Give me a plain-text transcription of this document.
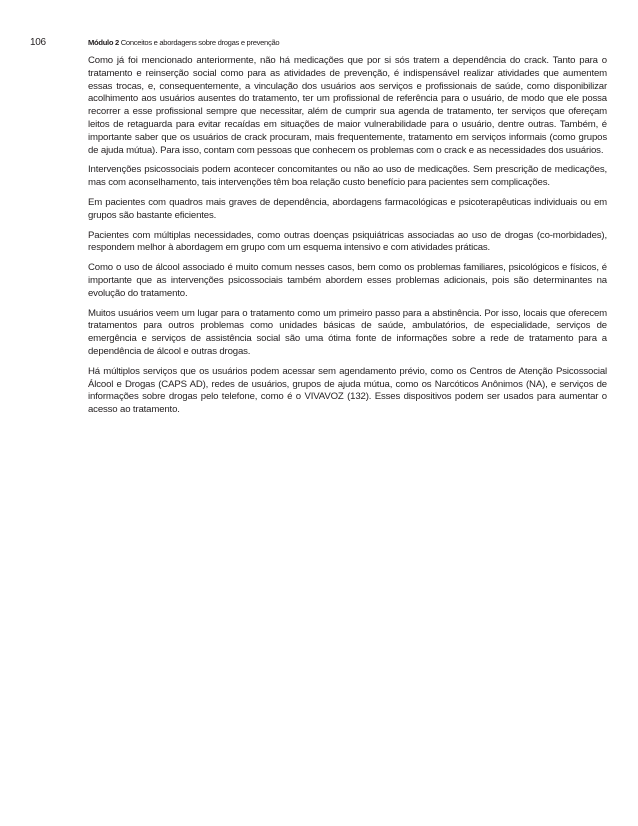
106	Módulo 2 Conceitos e abordagens sobre drogas e prevenção

Como já foi mencionado anteriormente, não há medicações que por si sós tratem a dependência do crack. Tanto para o tratamento e reinserção social como para as atividades de prevenção, é indispensável realizar atividades que aumentem essas trocas, e, consequentemente, a vinculação dos usuários aos serviços e profissionais de saúde, como disponibilizar acolhimento aos usuários ausentes do tratamento, ter um profissional de referência para o usuário, de modo que ele possa recorrer a esse profissional sempre que necessitar, além de cumprir sua agenda de tratamento, ter serviços que ofereçam leitos de retaguarda para evitar recaídas em situações de maior vulnerabilidade para o usuário, dentre outras. Também, é importante saber que os usuários de crack procuram, mais frequentemente, tratamento em serviços informais (como grupos de ajuda mútua). Para isso, contam com pessoas que conhecem os problemas com o crack e as necessidades dos usuários.

Intervenções psicossociais podem acontecer concomitantes ou não ao uso de medicações. Sem prescrição de medicações, mas com aconselhamento, tais intervenções têm boa relação custo benefício para pacientes sem complicações.

Em pacientes com quadros mais graves de dependência, abordagens farmacológicas e psicoterapêuticas individuais ou em grupos são bastante eficientes.

Pacientes com múltiplas necessidades, como outras doenças psiquiátricas associadas ao uso de drogas (co-morbidades), respondem melhor à abordagem em grupo com um esquema intensivo e com atividades práticas.

Como o uso de álcool associado é muito comum nesses casos, bem como os problemas familiares, psicológicos e físicos, é importante que as intervenções psicossociais também abordem esses problemas adicionais, pois são determinantes na evolução do tratamento.

Muitos usuários veem um lugar para o tratamento como um primeiro passo para a abstinência. Por isso, locais que oferecem tratamentos para outros problemas como unidades básicas de saúde, ambulatórios, de especialidade, serviços de emergência e serviços de assistência social são uma ótima fonte de informações sobre a rede de tratamento para a dependência de álcool e outras drogas.

Há múltiplos serviços que os usuários podem acessar sem agendamento prévio, como os Centros de Atenção Psicossocial Álcool e Drogas (CAPS AD), redes de usuários, grupos de ajuda mútua, como os Narcóticos Anônimos (NA), e serviços de informações sobre drogas pelo telefone, como é o VIVAVOZ (132). Esses dispositivos podem ser usados para aumentar o acesso ao tratamento.
